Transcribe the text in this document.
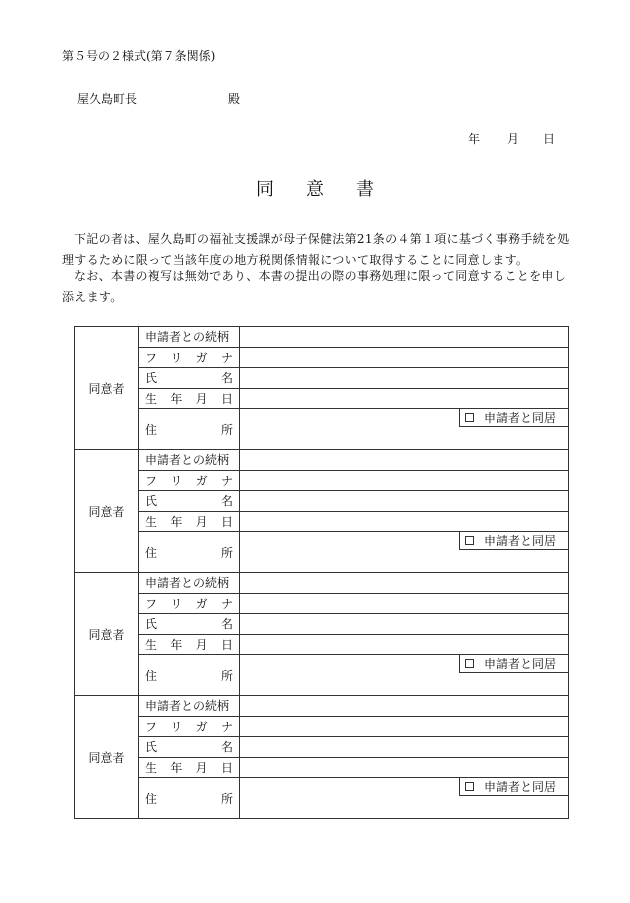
第５号の２様式(第７条関係)
屋久島町長	殿
年 月 日
同意書
下記の者は、屋久島町の福祉支援課が母子保健法第21条の４第１項に基づく事務手続を処理するために限って当該年度の地方税関係情報について取得することに同意します。
なお、本書の複写は無効であり、本書の提出の際の事務処理に限って同意することを申し添えます。
同意者	申請者との続柄	

	フ リ ガ ナ	

	氏 名	

	生 年 月 日	

	住 所	申請者と同居

同意者	申請者との続柄	

	フ リ ガ ナ	

	氏 名	

	生 年 月 日	

	住 所	申請者と同居

同意者	申請者との続柄	

	フ リ ガ ナ	

	氏 名	

	生 年 月 日	

	住 所	申請者と同居

同意者	申請者との続柄	

	フ リ ガ ナ	

	氏 名	

	生 年 月 日	

	住 所	申請者と同居
